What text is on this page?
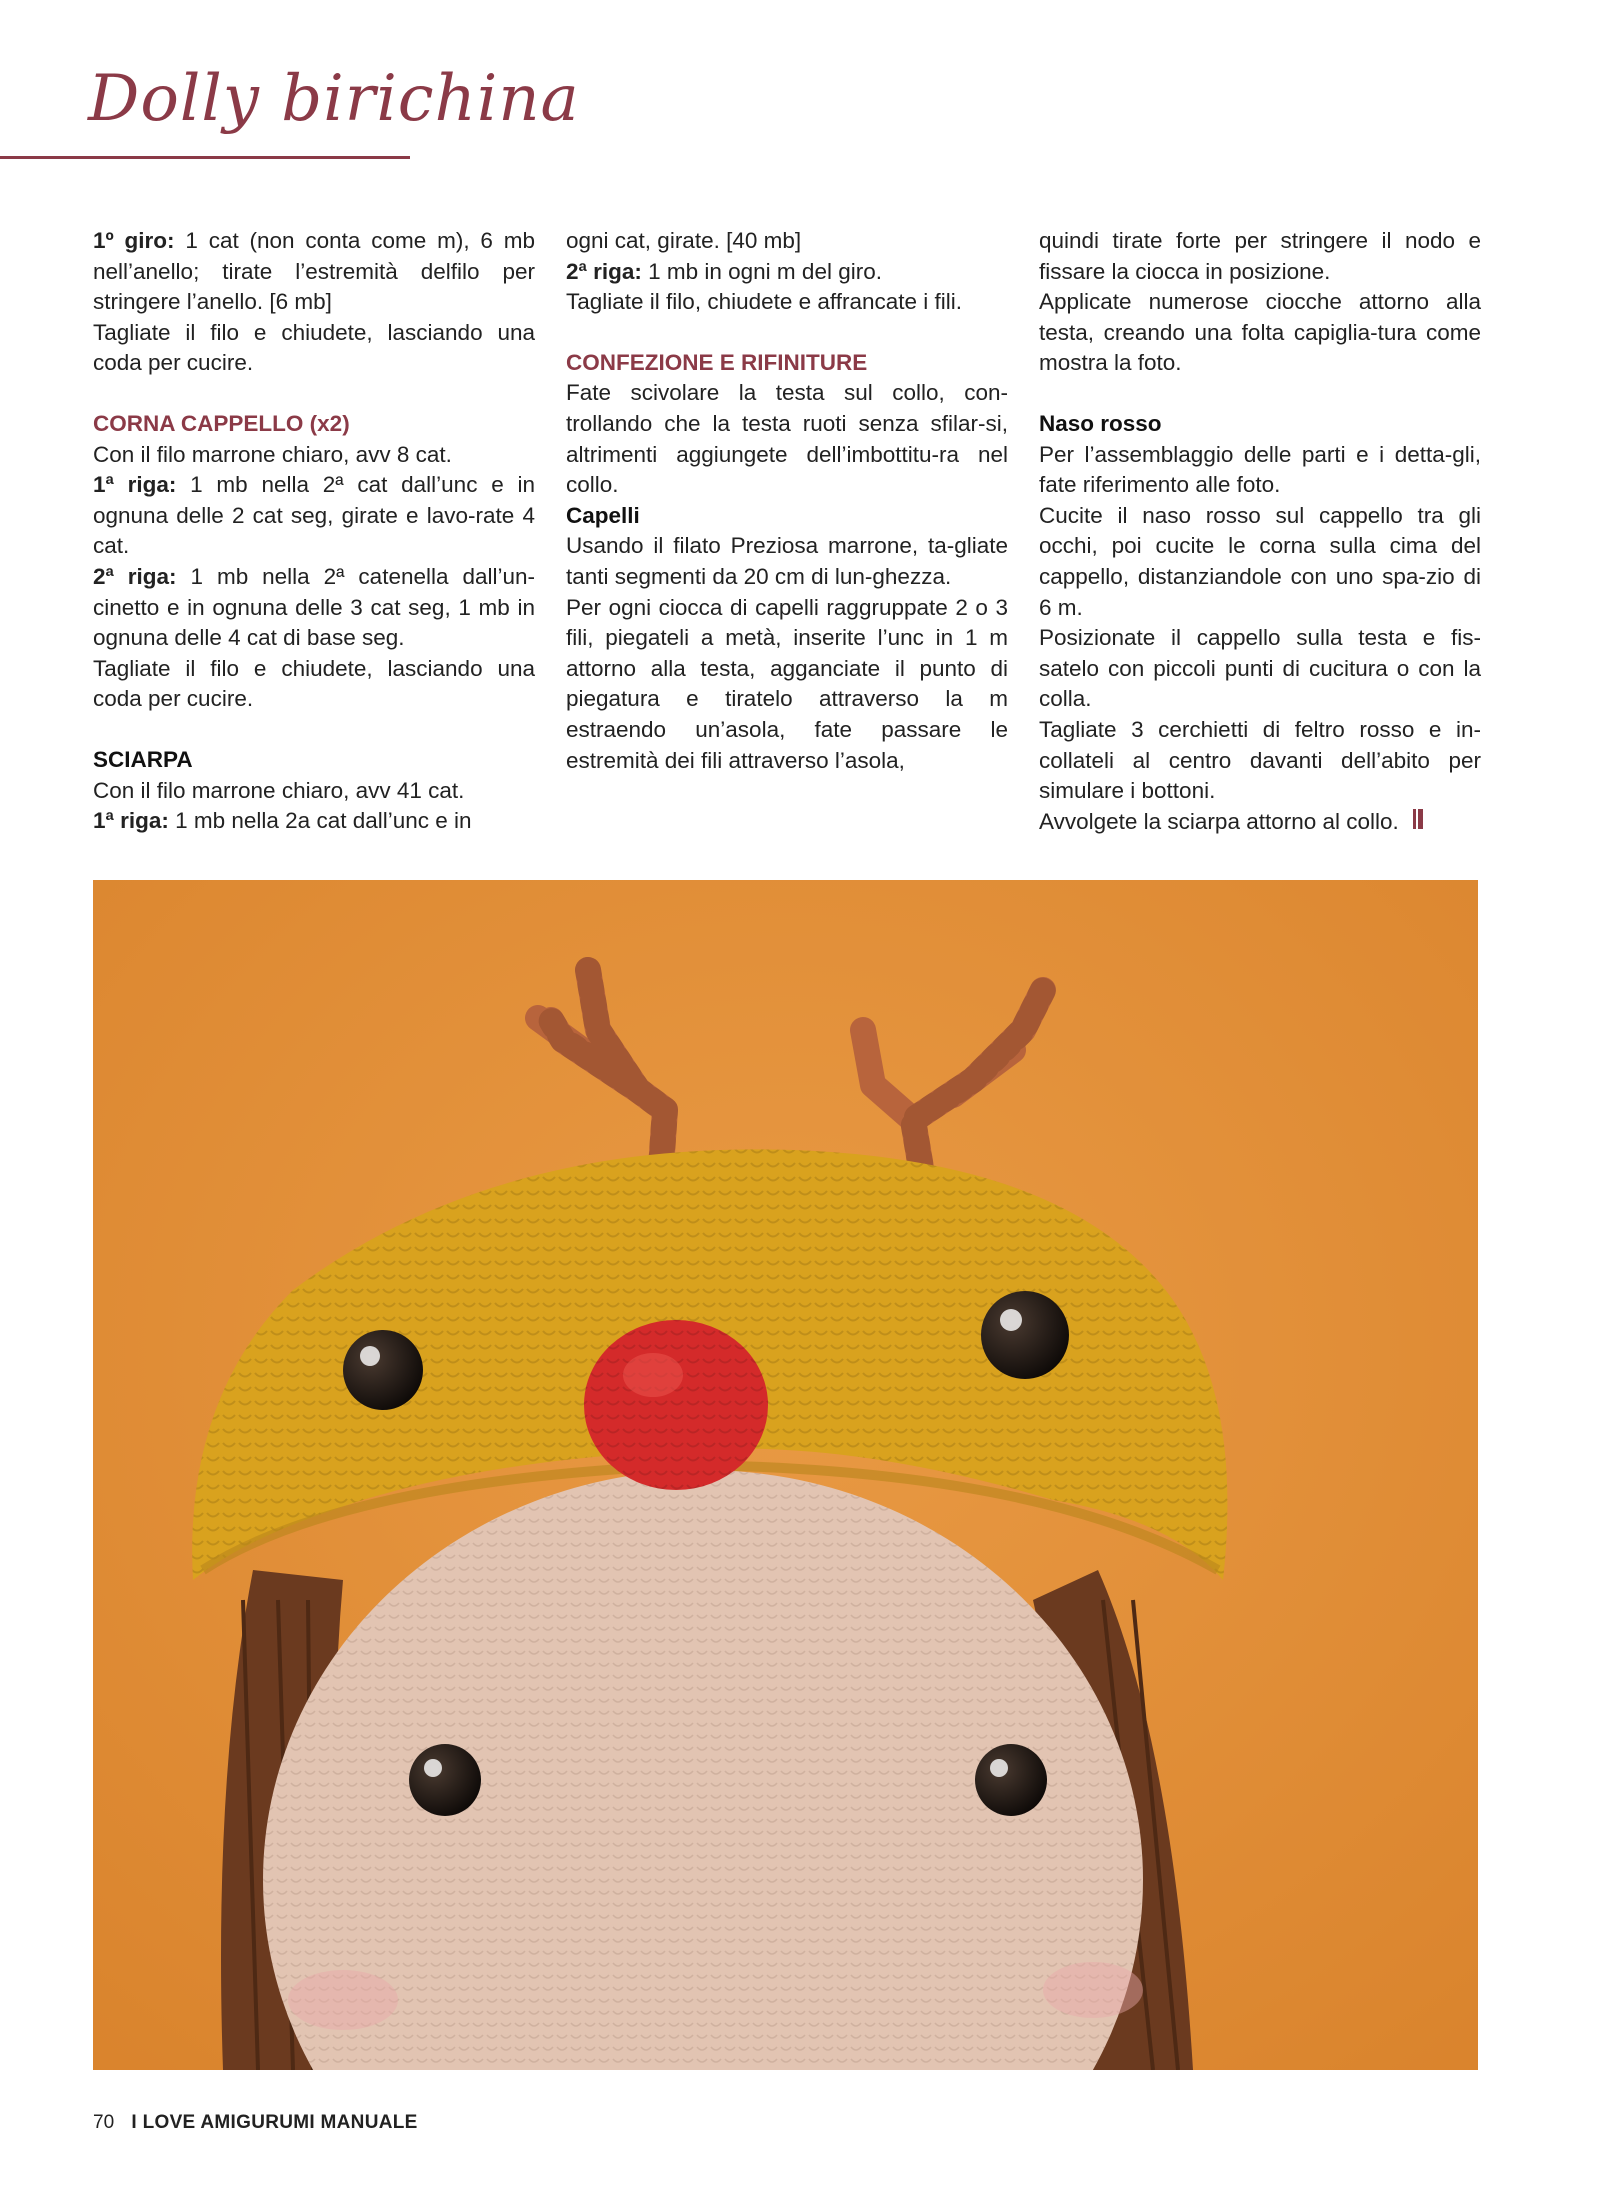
Dolly birichina

1º giro: 1 cat (non conta come m), 6 mb nell’anello; tirate l’estremità delfilo per stringere l’anello. [6 mb]

Tagliate il filo e chiudete, lasciando una coda per cucire.

CORNA CAPPELLO (x2)

Con il filo marrone chiaro, avv 8 cat.

1ª riga: 1 mb nella 2ª cat dall’unc e in ognuna delle 2 cat seg, girate e lavo-rate 4 cat.

2ª riga: 1 mb nella 2ª catenella dall’un-cinetto e in ognuna delle 3 cat seg, 1 mb in ognuna delle 4 cat di base seg.

Tagliate il filo e chiudete, lasciando una coda per cucire.

SCIARPA

Con il filo marrone chiaro, avv 41 cat.

1ª riga: 1 mb nella 2a cat dall’unc e in

ogni cat, girate. [40 mb]

2ª riga: 1 mb in ogni m del giro.

Tagliate il filo, chiudete e affrancate i fili.

CONFEZIONE E RIFINITURE

Fate scivolare la testa sul collo, con-trollando che la testa ruoti senza sfilar-si, altrimenti aggiungete dell’imbottitu-ra nel collo.

Capelli

Usando il filato Preziosa marrone, ta-gliate tanti segmenti da 20 cm di lun-ghezza.

Per ogni ciocca di capelli raggruppate 2 o 3 fili, piegateli a metà, inserite l’unc in 1 m attorno alla testa, agganciate il punto di piegatura e tiratelo attraverso la m estraendo un’asola, fate passare le estremità dei fili attraverso l’asola,

quindi tirate forte per stringere il nodo e fissare la ciocca in posizione.

Applicate numerose ciocche attorno alla testa, creando una folta capiglia-tura come mostra la foto.

Naso rosso

Per l’assemblaggio delle parti e i detta-gli, fate riferimento alle foto.

Cucite il naso rosso sul cappello tra gli occhi, poi cucite le corna sulla cima del cappello, distanziandole con uno spa-zio di 6 m.

Posizionate il cappello sulla testa e fis-satelo con piccoli punti di cucitura o con la colla.

Tagliate 3 cerchietti di feltro rosso e in-collateli al centro davanti dell’abito per simulare i bottoni.

Avvolgete la sciarpa attorno al collo.

70 I LOVE AMIGURUMI MANUALE
